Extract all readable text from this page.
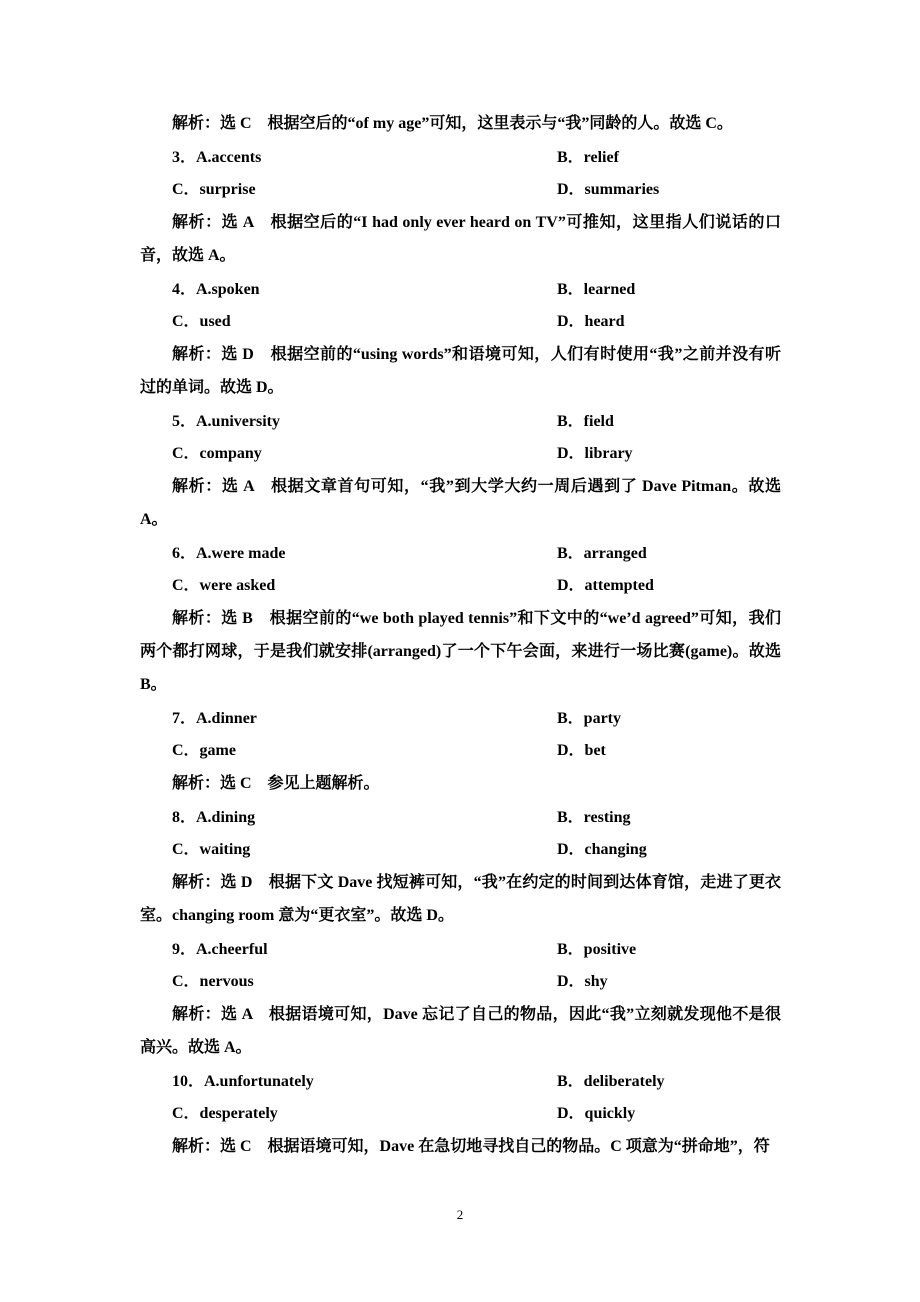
解析：选 C　根据空后的“of my age”可知，这里表示与“我”同龄的人。故选 C。

3．A.accents	B．relief
C．surprise	D．summaries

解析：选 A　根据空后的“I had only ever heard on TV”可推知，这里指人们说话的口音，故选 A。

4．A.spoken	B．learned
C．used	D．heard

解析：选 D　根据空前的“using words”和语境可知，人们有时使用“我”之前并没有听过的单词。故选 D。

5．A.university	B．field
C．company	D．library

解析：选 A　根据文章首句可知，“我”到大学大约一周后遇到了 Dave Pitman。故选 A。

6．A.were made	B．arranged
C．were asked	D．attempted

解析：选 B　根据空前的“we both played tennis”和下文中的“we’d agreed”可知，我们两个都打网球，于是我们就安排(arranged)了一个下午会面，来进行一场比赛(game)。故选 B。

7．A.dinner	B．party
C．game	D．bet

解析：选 C　参见上题解析。

8．A.dining	B．resting
C．waiting	D．changing

解析：选 D　根据下文 Dave 找短裤可知，“我”在约定的时间到达体育馆，走进了更衣室。changing room 意为“更衣室”。故选 D。

9．A.cheerful	B．positive
C．nervous	D．shy

解析：选 A　根据语境可知，Dave 忘记了自己的物品，因此“我”立刻就发现他不是很高兴。故选 A。

10．A.unfortunately	B．deliberately
C．desperately	D．quickly

解析：选 C　根据语境可知，Dave 在急切地寻找自己的物品。C 项意为“拼命地”，符

2
